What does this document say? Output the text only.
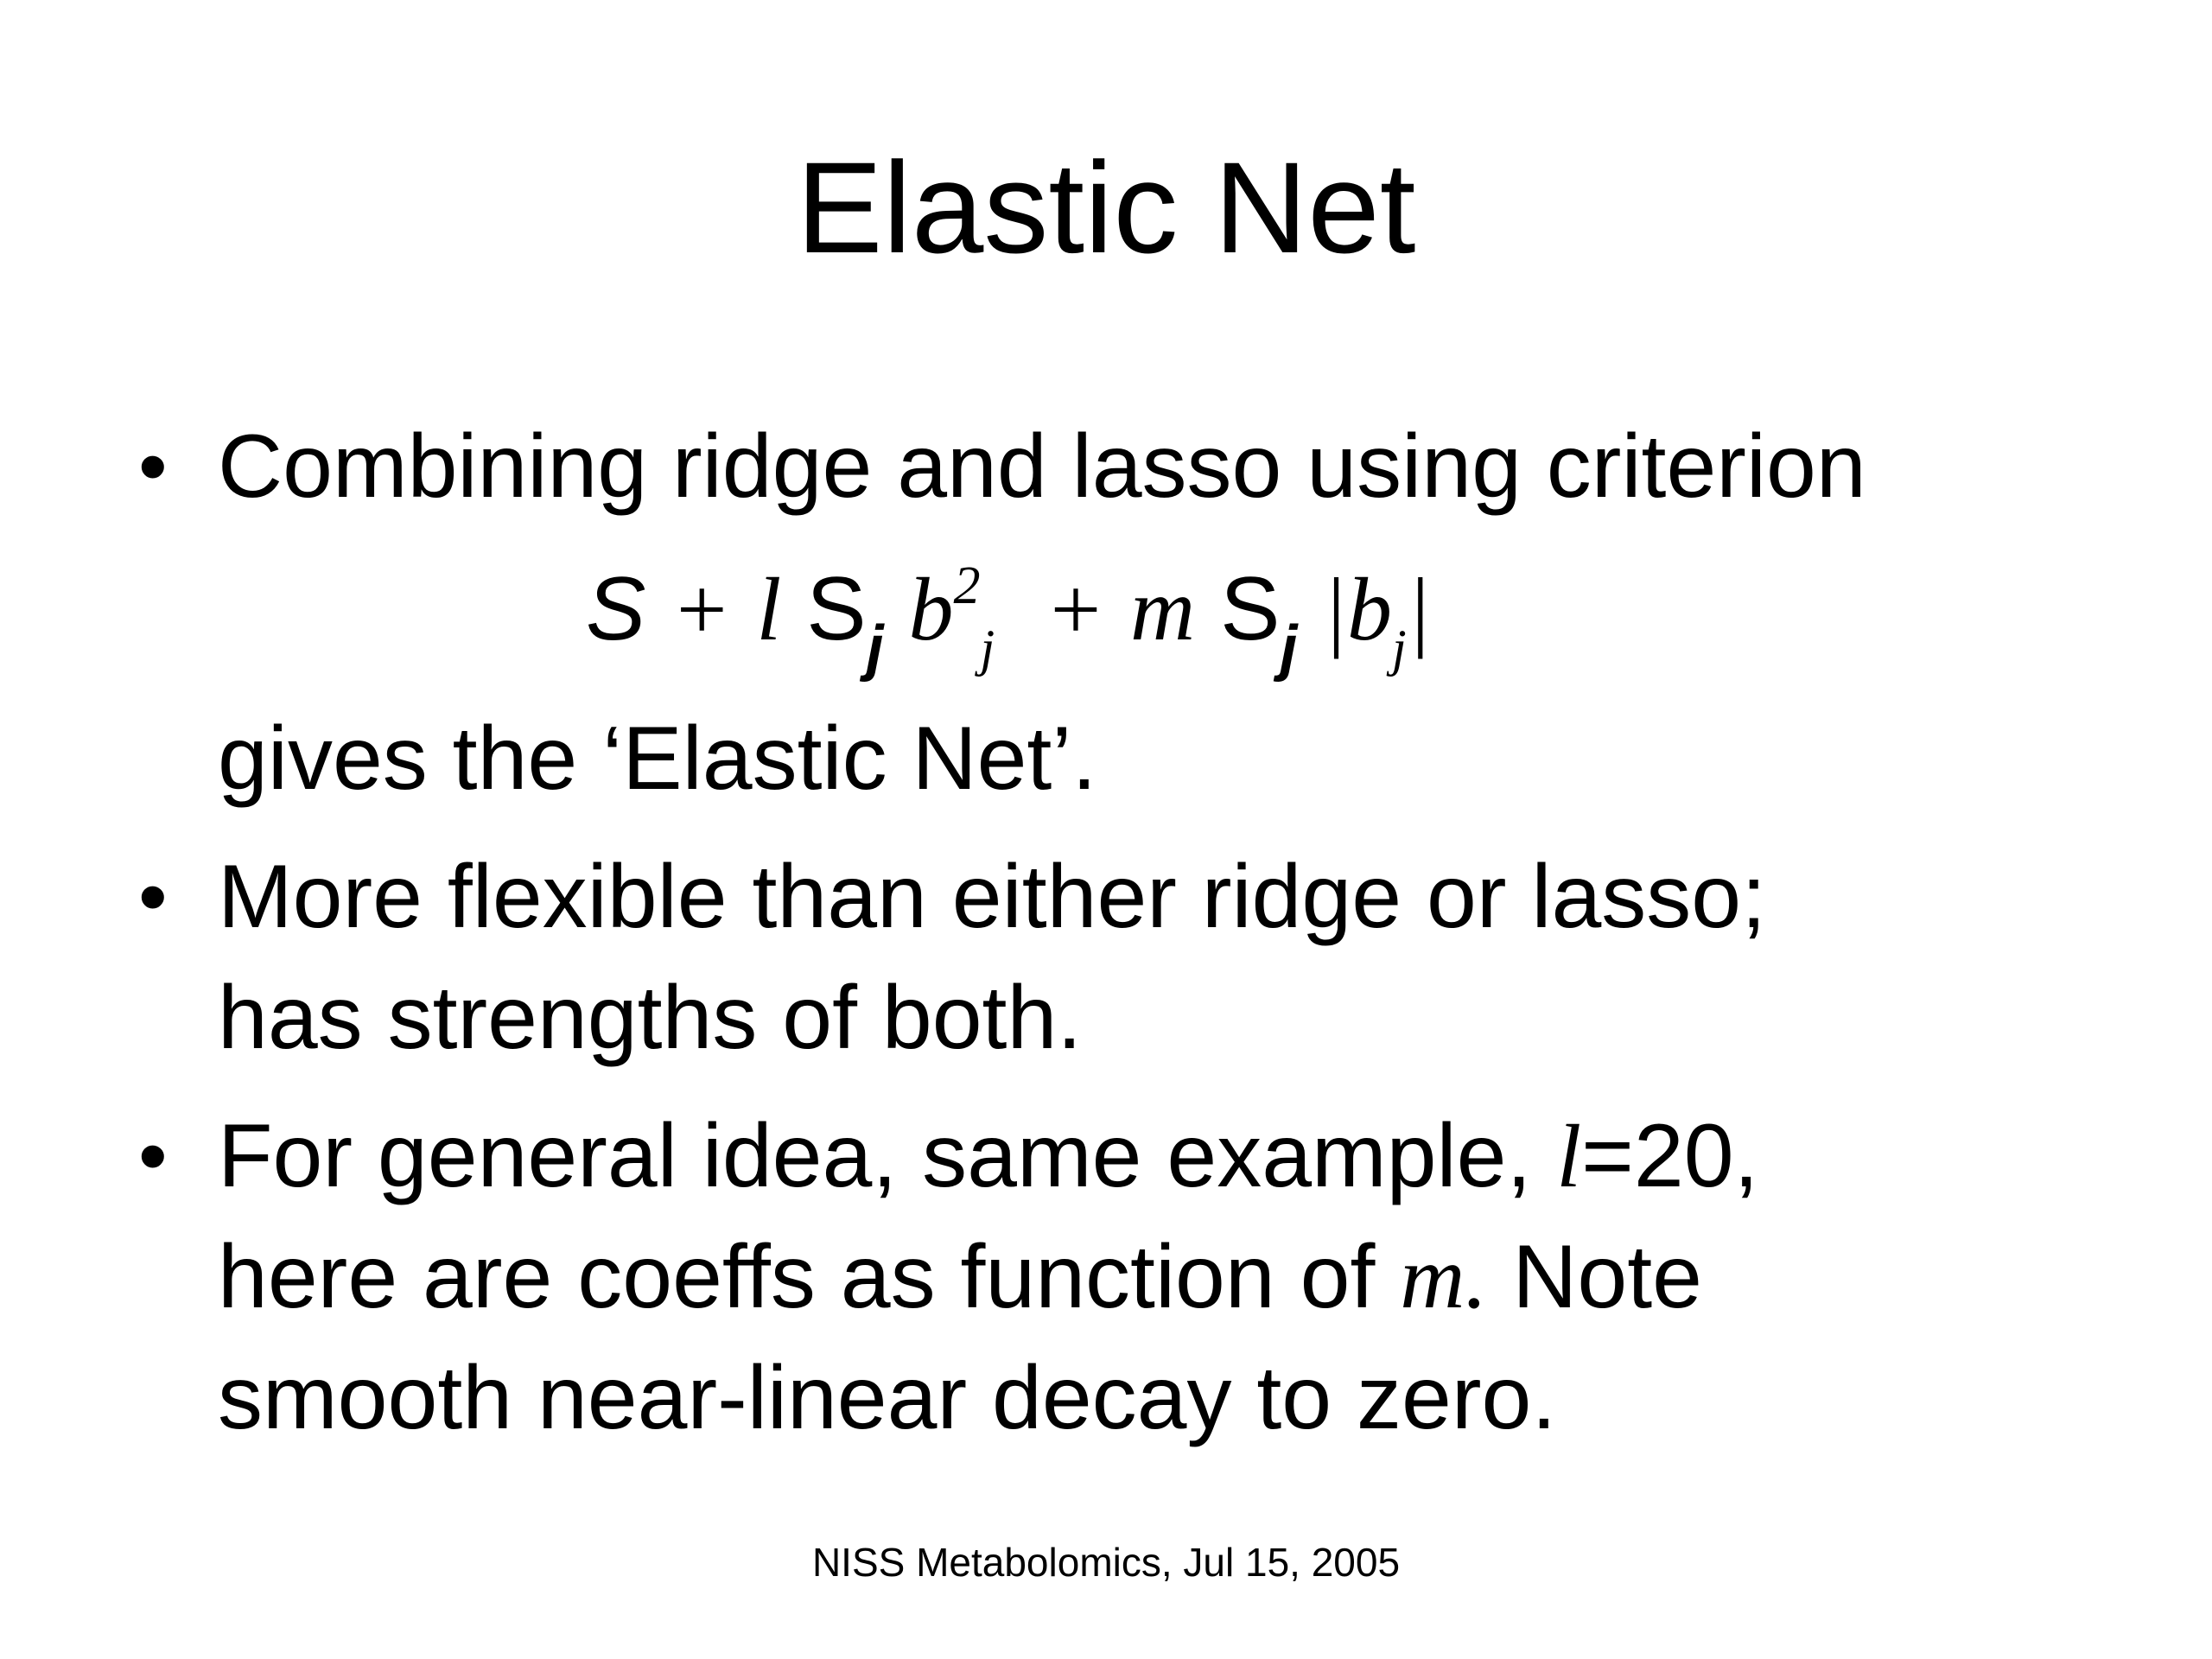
Elastic Net
• Combining ridge and lasso using criterion
S + l $S_j$ $b^2_j + m$ $S_j$ $|b_j|$
gives the ‘Elastic Net’.
• More flexible than either ridge or lasso;
has strengths of both.
• For general idea, same example, l=20,
here are coeffs as function of m. Note
smooth near-linear decay to zero.
NISS Metabolomics, Jul 15, 2005
